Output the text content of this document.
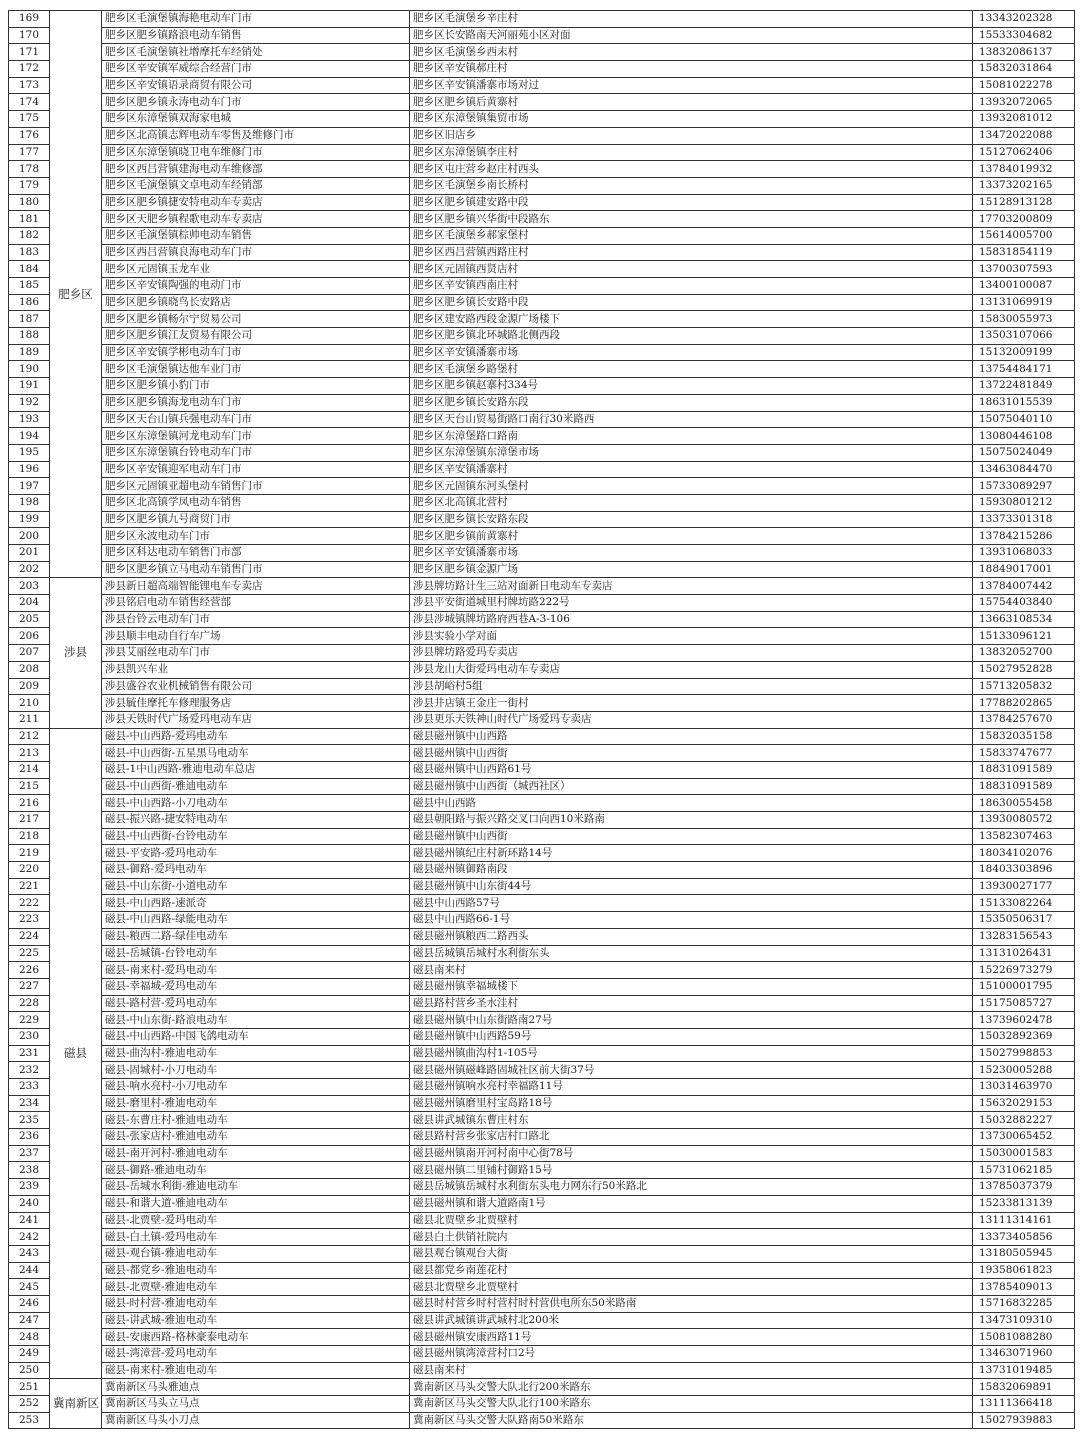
169	肥乡区	肥乡区毛演堡镇海艳电动车门市	肥乡区毛演堡乡辛庄村	13343202328
170		肥乡区肥乡镇路浪电动车销售	肥乡区长安路南天河丽苑小区对面	15533304682
171		肥乡区毛演堡镇社增摩托车经销处	肥乡区毛演堡乡西末村	13832086137
172		肥乡区辛安镇军威综合经营门市	肥乡区辛安镇郝庄村	15832031864
173		肥乡区辛安镇语录商贸有限公司	肥乡区辛安镇潘寨市场对过	15081022278
174		肥乡区肥乡镇永涛电动车门市	肥乡区肥乡镇后黄寨村	13932072065
175		肥乡区东漳堡镇双海家电城	肥乡区东漳堡镇集贸市场	13932081012
176		肥乡区北高镇志辉电动车零售及维修门市	肥乡区旧店乡	13472022088
177		肥乡区东漳堡镇晓卫电车维修门市	肥乡区东漳堡镇李庄村	15127062406
178		肥乡区西吕营镇建海电动车维修部	肥乡区屯庄营乡赵庄村西头	13784019932
179		肥乡区毛演堡镇文卓电动车经销部	肥乡区毛演堡乡南长桥村	13373202165
180		肥乡区肥乡镇捷安特电动车专卖店	肥乡区肥乡镇建安路中段	15128913128
181		肥乡区天肥乡镇程歌电动车专卖店	肥乡区肥乡镇兴华街中段路东	17703200809
182		肥乡区毛演堡镇棕帅电动车销售	肥乡区毛演堡乡郝家堡村	15614005700
183		肥乡区西吕营镇良海电动车门市	肥乡区西吕营镇西路庄村	15831854119
184		肥乡区元固镇玉龙车业	肥乡区元固镇西贤店村	13700307593
185		肥乡区辛安镇陶强的电动门市	肥乡区辛安镇西南庄村	13400100087
186		肥乡区肥乡镇晓鸟长安路店	肥乡区肥乡镇长安路中段	13131069919
187		肥乡区肥乡镇畅尔宁贸易公司	肥乡区建安路西段金源广场楼下	15830055973
188		肥乡区肥乡镇江友贸易有限公司	肥乡区肥乡镇北环城路北侧西段	13503107066
189		肥乡区辛安镇学彬电动车门市	肥乡区辛安镇潘寨市场	15132009199
190		肥乡区毛演堡镇达他车业门市	肥乡区毛演堡乡路堡村	13754484171
191		肥乡区肥乡镇小豹门市	肥乡区肥乡镇赵寨村334号	13722481849
192		肥乡区肥乡镇海龙电动车门市	肥乡区肥乡镇长安路东段	18631015539
193		肥乡区天台山镇兵强电动车门市	肥乡区天台山贸易街路口南行30米路西	15075040110
194		肥乡区东漳堡镇河龙电动车门市	肥乡区东漳堡路口路南	13080446108
195		肥乡区东漳堡镇台铃电动车门市	肥乡区东漳堡镇东漳堡市场	15075024049
196		肥乡区辛安镇迎军电动车门市	肥乡区辛安镇潘寨村	13463084470
197		肥乡区元固镇亚超电动车销售门市	肥乡区元固镇东河头堡村	15733089297
198		肥乡区北高镇学凤电动车销售	肥乡区北高镇北营村	15930801212
199		肥乡区肥乡镇九号商贸门市	肥乡区肥乡镇长安路东段	13373301318
200		肥乡区永波电动车门市	肥乡区肥乡镇前黄寨村	13784215286
201		肥乡区科达电动车销售门市部	肥乡区辛安镇潘寨市场	13931068033
202		肥乡区肥乡镇立马电动车销售门市	肥乡区肥乡镇金源广场	18849017001
203	涉县	涉县新日超高端智能锂电车专卖店	涉县牌坊路计生三站对面新日电动车专卖店	13784007442
204		涉县铭启电动车销售经营部	涉县平安街道城里村牌坊路222号	15754403840
205		涉县台铃云电动车门市	涉县涉城镇牌坊路府西巷A-3-106	13663108534
206		涉县顺丰电动自行车广场	涉县实验小学对面	15133096121
207		涉县艾丽丝电动车门市	涉县牌坊路爱玛专卖店	13832052700
208		涉县凯兴车业	涉县龙山大街爱玛电动车专卖店	15027952828
209		涉县盛谷农业机械销售有限公司	涉县胡峪村5组	15713205832
210		涉县毓佳摩托车修理服务店	涉县井店镇王金庄一街村	17788202865
211		涉县天铁时代广场爱玛电动车店	涉县更乐天铁神山时代广场爱玛专卖店	13784257670
212	磁县	磁县-中山西路-爱玛电动车	磁县磁州镇中山西路	15832035158
213		磁县-中山西街-五星黑马电动车	磁县磁州镇中山西街	15833747677
214		磁县-1中山西路-雅迪电动车总店	磁县磁州镇中山西路61号	18831091589
215		磁县-中山西街-雅迪电动车	磁县磁州镇中山西街（城西社区）	18831091589
216		磁县-中山西路-小刀电动车	磁县中山西路	18630055458
217		磁县-振兴路-捷安特电动车	磁县朝阳路与振兴路交叉口向西10米路南	13930080572
218		磁县-中山西街-台铃电动车	磁县磁州镇中山西街	13582307463
219		磁县-平安路-爱玛电动车	磁县磁州镇纪庄村新环路14号	18034102076
220		磁县-御路-爱玛电动车	磁县磁州镇御路南段	18403303896
221		磁县-中山东街-小道电动车	磁县磁州镇中山东街44号	13930027177
222		磁县-中山西路-速派奇	磁县中山西路57号	15133082264
223		磁县-中山西路-绿能电动车	磁县中山西路66-1号	15350506317
224		磁县-粮西二路-绿佳电动车	磁县磁州镇粮西二路西头	13283156543
225		磁县-岳城镇-台铃电动车	磁县岳城镇岳城村水利街东头	13131026431
226		磁县-南来村-爱玛电动车	磁县南来村	15226973279
227		磁县-幸福城-爱玛电动车	磁县磁州镇幸福城楼下	15100001795
228		磁县-路村营-爱玛电动车	磁县路村营乡圣水洼村	15175085727
229		磁县-中山东街-路浪电动车	磁县磁州镇中山东街路南27号	13739602478
230		磁县-中山西路-中国飞鸽电动车	磁县磁州镇中山西路59号	15032892369
231		磁县-曲沟村-雅迪电动车	磁县磁州镇曲沟村1-105号	15027998853
232		磁县-固城村-小刀电动车	磁县磁州镇磁峰路固城社区前大街37号	15230005288
233		磁县-响水亮村-小刀电动车	磁县磁州镇响水亮村幸福路11号	13031463970
234		磁县-磨里村-雅迪电动车	磁县磁州镇磨里村宝岛路18号	15632029153
235		磁县-东曹庄村-雅迪电动车	磁县讲武城镇东曹庄村东	15032882227
236		磁县-张家店村-雅迪电动车	磁县路村营乡张家店村口路北	13730065452
237		磁县-南开河村-雅迪电动车	磁县磁州镇南开河村南中心街78号	15030001583
238		磁县-御路-雅迪电动车	磁县磁州镇二里铺村御路15号	15731062185
239		磁县-岳城水利街-雅迪电动车	磁县岳城镇岳城村水利街东头电力网东行50米路北	13785037379
240		磁县-和谐大道-雅迪电动车	磁县磁州镇和谐大道路南1号	15233813139
241		磁县-北贾壁-爱玛电动车	磁县北贾壁乡北贾壁村	13111314161
242		磁县-白土镇-爱玛电动车	磁县白土供销社院内	13373405856
243		磁县-观台镇-雅迪电动车	磁县观台镇观台大街	13180505945
244		磁县-都党乡-雅迪电动车	磁县都党乡南莲花村	19358061823
245		磁县-北贾壁-雅迪电动车	磁县北贾壁乡北贾壁村	13785409013
246		磁县-时村营-雅迪电动车	磁县时村营乡时村营村时村营供电所东50米路南	15716832285
247		磁县-讲武城-雅迪电动车	磁县讲武城镇讲武城村北200米	13473109310
248		磁县-安康西路-格林豪泰电动车	磁县磁州镇安康西路11号	15081088280
249		磁县-湾漳营-爱玛电动车	磁县磁州镇湾漳营村口2号	13463071960
250		磁县-南来村-雅迪电动车	磁县南来村	13731019485
251	冀南新区	冀南新区马头雅迪点	冀南新区马头交警大队北行200米路东	15832069891
252		冀南新区马头立马点	冀南新区马头交警大队北行100米路东	13111366418
253		冀南新区马头小刀点	冀南新区马头交警大队路南50米路东	15027939883
